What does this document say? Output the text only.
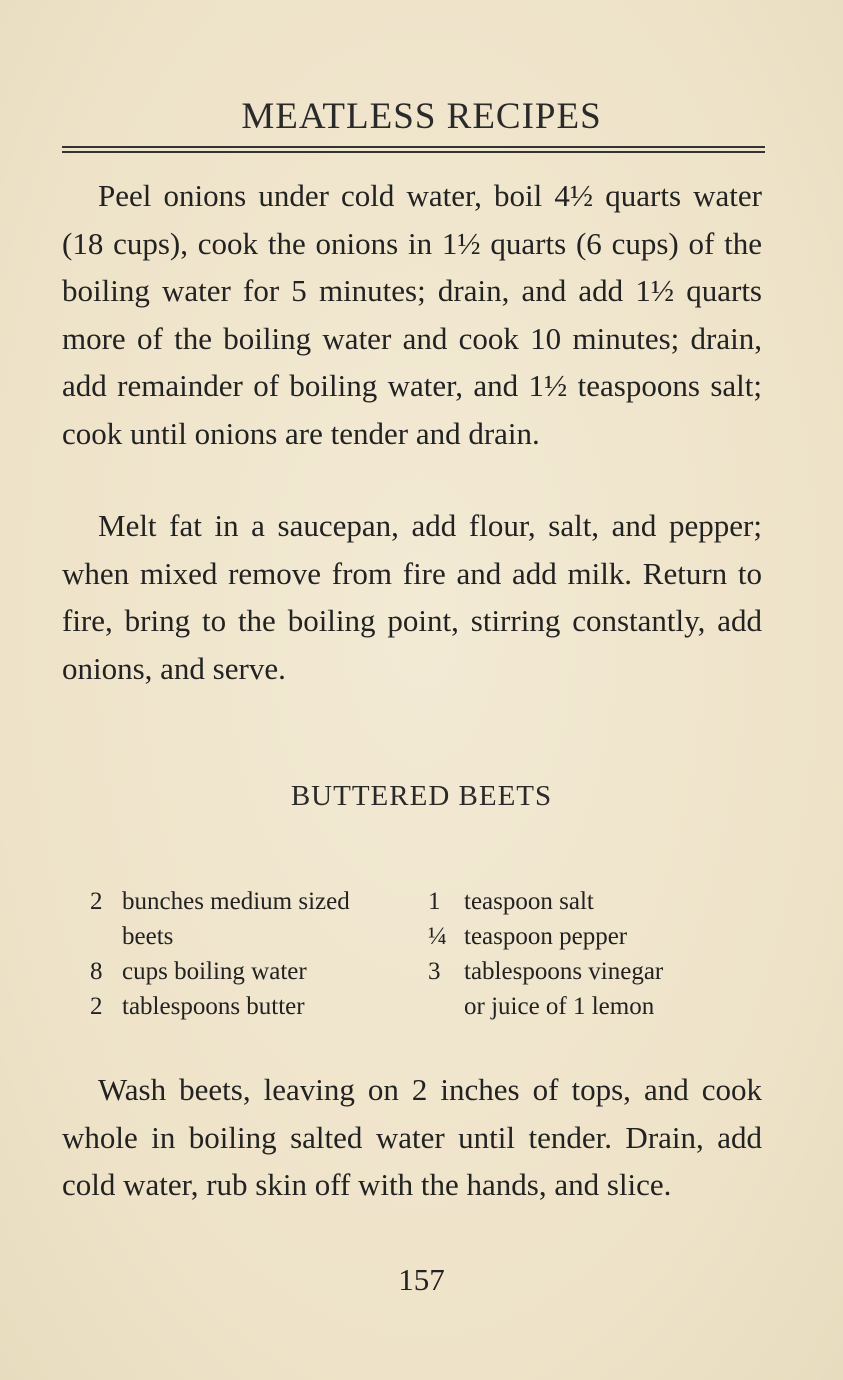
MEATLESS RECIPES

Peel onions under cold water, boil 4½ quarts water (18 cups), cook the onions in 1½ quarts (6 cups) of the boiling water for 5 minutes; drain, and add 1½ quarts more of the boiling water and cook 10 minutes; drain, add remainder of boiling water, and 1½ teaspoons salt; cook until onions are tender and drain.

Melt fat in a saucepan, add flour, salt, and pepper; when mixed remove from fire and add milk. Return to fire, bring to the boiling point, stirring constantly, add onions, and serve.

BUTTERED BEETS
2 bunches medium sized
beets
8 cups boiling water
2 tablespoons butter
1 teaspoon salt
¼ teaspoon pepper
3 tablespoons vinegar
or juice of 1 lemon

Wash beets, leaving on 2 inches of tops, and cook whole in boiling salted water until tender. Drain, add cold water, rub skin off with the hands, and slice.

157
